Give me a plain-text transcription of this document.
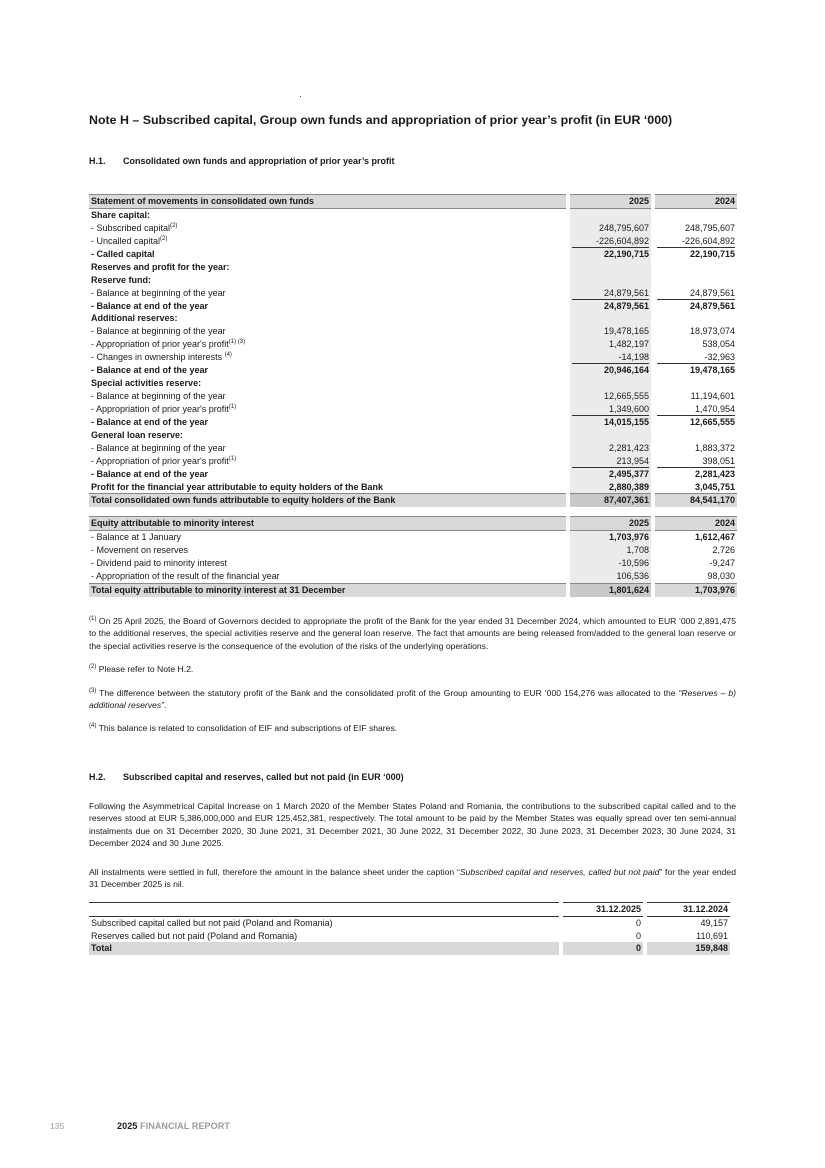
Note H – Subscribed capital, Group own funds and appropriation of prior year’s profit (in EUR ‘000)
H.1. Consolidated own funds and appropriation of prior year’s profit
Statement of movements in consolidated own funds		2025		2024
Share capital:				
- Subscribed capital$^{(2)}$		248,795,607		248,795,607
- Uncalled capital$^{(2)}$		-226,604,892		-226,604,892
- Called capital		22,190,715		22,190,715
Reserves and profit for the year:				
Reserve fund:				
- Balance at beginning of the year		24,879,561		24,879,561
- Balance at end of the year		24,879,561		24,879,561
Additional reserves:				
- Balance at beginning of the year		19,478,165		18,973,074
- Appropriation of prior year's profit$^{(1) (3)}$		1,482,197		538,054
- Changes in ownership interests $^{(4)}$		-14,198		-32,963
- Balance at end of the year		20,946,164		19,478,165
Special activities reserve:				
- Balance at beginning of the year		12,665,555		11,194,601
- Appropriation of prior year's profit$^{(1)}$		1,349,600		1,470,954
- Balance at end of the year		14,015,155		12,665,555
General loan reserve:				
- Balance at beginning of the year		2,281,423		1,883,372
- Appropriation of prior year's profit$^{(1)}$		213,954		398,051
- Balance at end of the year		2,495,377		2,281,423
Profit for the financial year attributable to equity holders of the Bank		2,880,389		3,045,751
Total consolidated own funds attributable to equity holders of the Bank		87,407,361		84,541,170

Equity attributable to minority interest		2025		2024
- Balance at 1 January		1,703,976		1,612,467
- Movement on reserves		1,708		2,726
- Dividend paid to minority interest		-10,596		-9,247
- Appropriation of the result of the financial year		106,536		98,030
Total equity attributable to minority interest at 31 December		1,801,624		1,703,976
$^{(1)}$ On 25 April 2025, the Board of Governors decided to appropriate the profit of the Bank for the year ended 31 December 2024, which amounted to EUR ‘000 2,891,475 to the additional reserves, the special activities reserve and the general loan reserve. The fact that amounts are being released from/added to the general loan reserve or the special activities reserve is the consequence of the evolution of the risks of the underlying operations.
$^{(2)}$ Please refer to Note H.2.
$^{(3)}$ The difference between the statutory profit of the Bank and the consolidated profit of the Group amounting to EUR ‘000 154,276 was allocated to the “Reserves – b) additional reserves”.
$^{(4)}$ This balance is related to consolidation of EIF and subscriptions of EIF shares.
H.2. Subscribed capital and reserves, called but not paid (in EUR ‘000)
Following the Asymmetrical Capital Increase on 1 March 2020 of the Member States Poland and Romania, the contributions to the subscribed capital called and to the reserves stood at EUR 5,386,000,000 and EUR 125,452,381, respectively. The total amount to be paid by the Member States was equally spread over ten semi-annual instalments due on 31 December 2020, 30 June 2021, 31 December 2021, 30 June 2022, 31 December 2022, 30 June 2023, 31 December 2023, 30 June 2024, 31 December 2024 and 30 June 2025.
All instalments were settled in full, therefore the amount in the balance sheet under the caption “Subscribed capital and reserves, called but not paid” for the year ended 31 December 2025 is nil.
		31.12.2025		31.12.2024
Subscribed capital called but not paid (Poland and Romania)		0		49,157
Reserves called but not paid (Poland and Romania)		0		110,691
Total		0		159,848
135	2025 FINANCIAL REPORT
